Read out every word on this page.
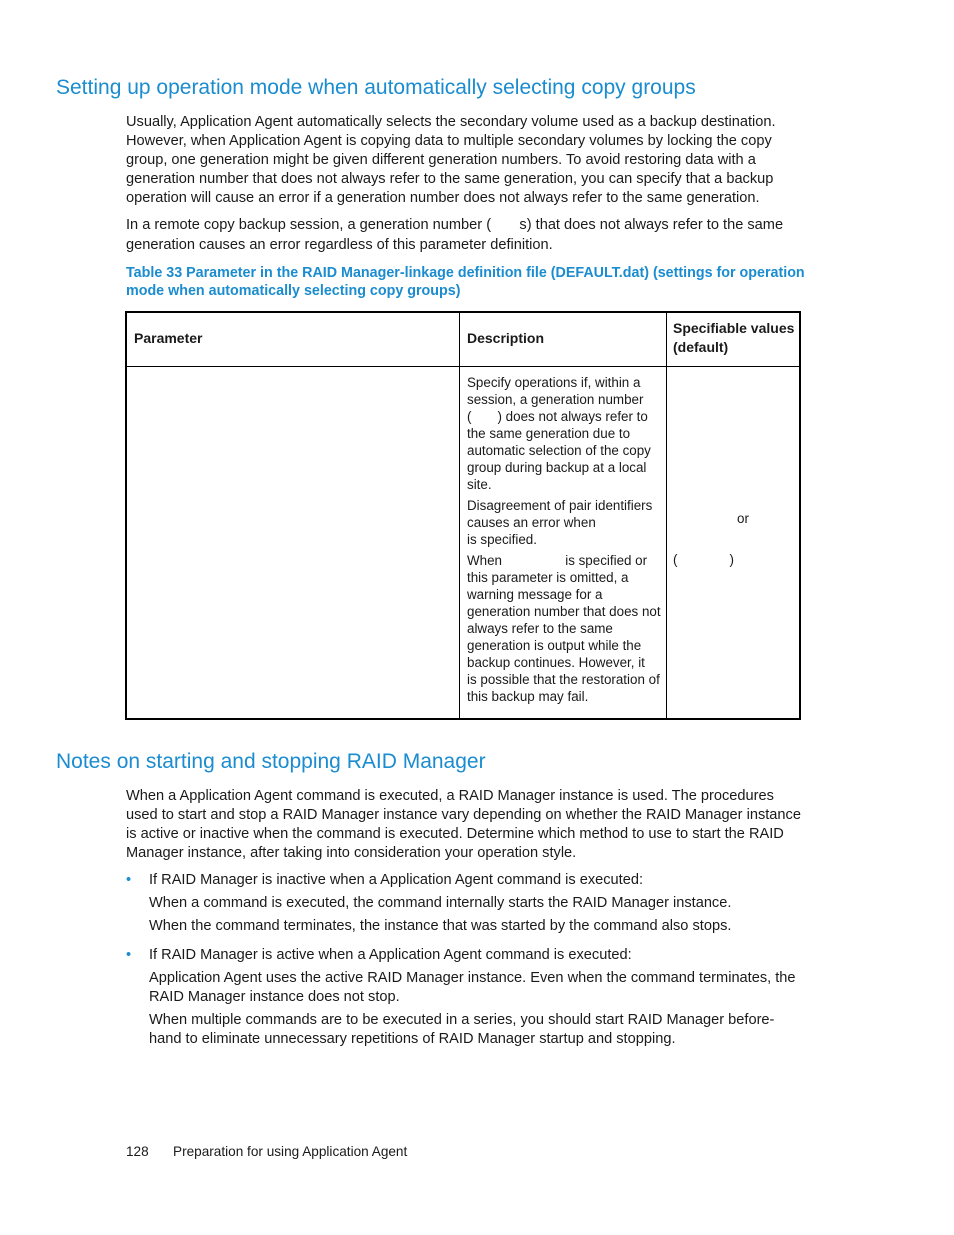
Setting up operation mode when automatically selecting copy groups

Usually, Application Agent automatically selects the secondary volume used as a backup destination. However, when Application Agent is copying data to multiple secondary volumes by locking the copy group, one generation might be given different generation numbers. To avoid restoring data with a generation number that does not always refer to the same generation, you can specify that a backup operation will cause an error if a generation number does not always refer to the same generation.

In a remote copy backup session, a generation number (       s) that does not always refer to the same
generation causes an error regardless of this parameter definition.
Table 33 Parameter in the RAID Manager-linkage definition file (DEFAULT.dat) (settings for operation
mode when automatically selecting copy groups)
Parameter	Description
Specifiable values
(default)
Specify operations if, within a
session, a generation number
(       ) does not always refer to
the same generation due to
automatic selection of the copy
group during backup at a local
site.
Disagreement of pair identifiers
causes an error when
is specified.
When                 is specified or
this parameter is omitted, a
warning message for a
generation number that does not
always refer to the same
generation is output while the
backup continues. However, it
is possible that the restoration of
this backup may fail.
or
(              )
Notes on starting and stopping RAID Manager

When a Application Agent command is executed, a RAID Manager instance is used. The procedures used to start and stop a RAID Manager instance vary depending on whether the RAID Manager instance is active or inactive when the command is executed. Determine which method to use to start the RAID Manager instance, after taking into consideration your operation style.

• If RAID Manager is inactive when a Application Agent command is executed:
When a command is executed, the command internally starts the RAID Manager instance.
When the command terminates, the instance that was started by the command also stops.
• If RAID Manager is active when a Application Agent command is executed:
Application Agent uses the active RAID Manager instance. Even when the command terminates, the RAID Manager instance does not stop.
When multiple commands are to be executed in a series, you should start RAID Manager before- hand to eliminate unnecessary repetitions of RAID Manager startup and stopping.
128 Preparation for using Application Agent
